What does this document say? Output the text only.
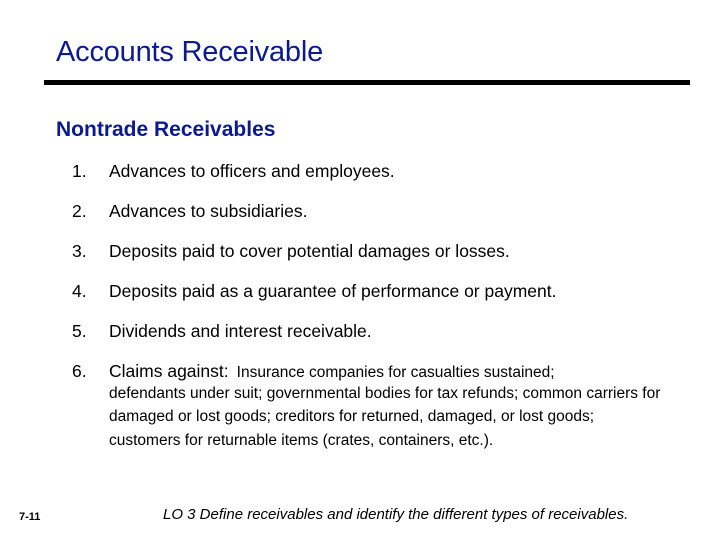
Accounts Receivable
Nontrade Receivables
1.	Advances to officers and employees.
2.	Advances to subsidiaries.
3.	Deposits paid to cover potential damages or losses.
4.	Deposits paid as a guarantee of performance or payment.
5.	Dividends and interest receivable.
6.	Claims against: Insurance companies for casualties sustained;

defendants under suit; governmental bodies for tax refunds; common carriers for damaged or lost goods; creditors for returned, damaged, or lost goods; customers for returnable items (crates, containers, etc.).

7-11	LO 3 Define receivables and identify the different types of receivables.
